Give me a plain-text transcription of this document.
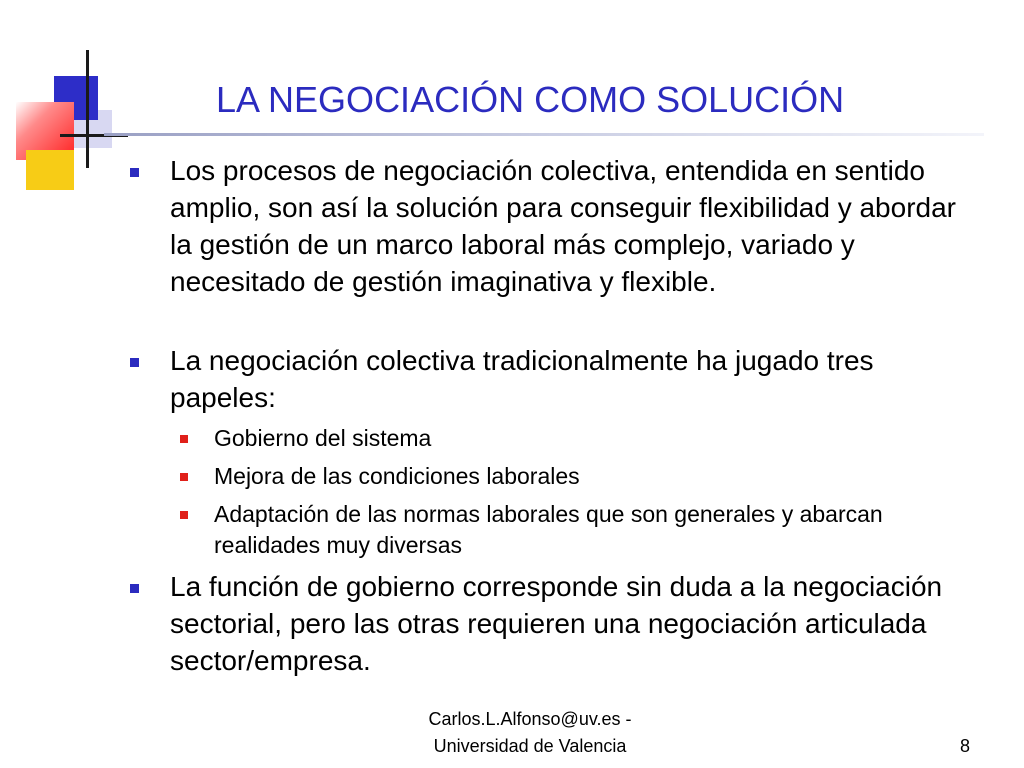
LA NEGOCIACIÓN COMO SOLUCIÓN
Los procesos de negociación colectiva, entendida en sentido amplio, son así la solución para conseguir flexibilidad y abordar la gestión de un marco laboral más complejo, variado y necesitado de gestión imaginativa y flexible.
La negociación colectiva tradicionalmente ha jugado tres papeles:
Gobierno del sistema
Mejora de las condiciones laborales
Adaptación de las normas laborales que son generales y abarcan realidades muy diversas
La función de gobierno corresponde sin duda a la negociación sectorial, pero las otras requieren una negociación articulada sector/empresa.
Carlos.L.Alfonso@uv.es -
Universidad de Valencia	8
